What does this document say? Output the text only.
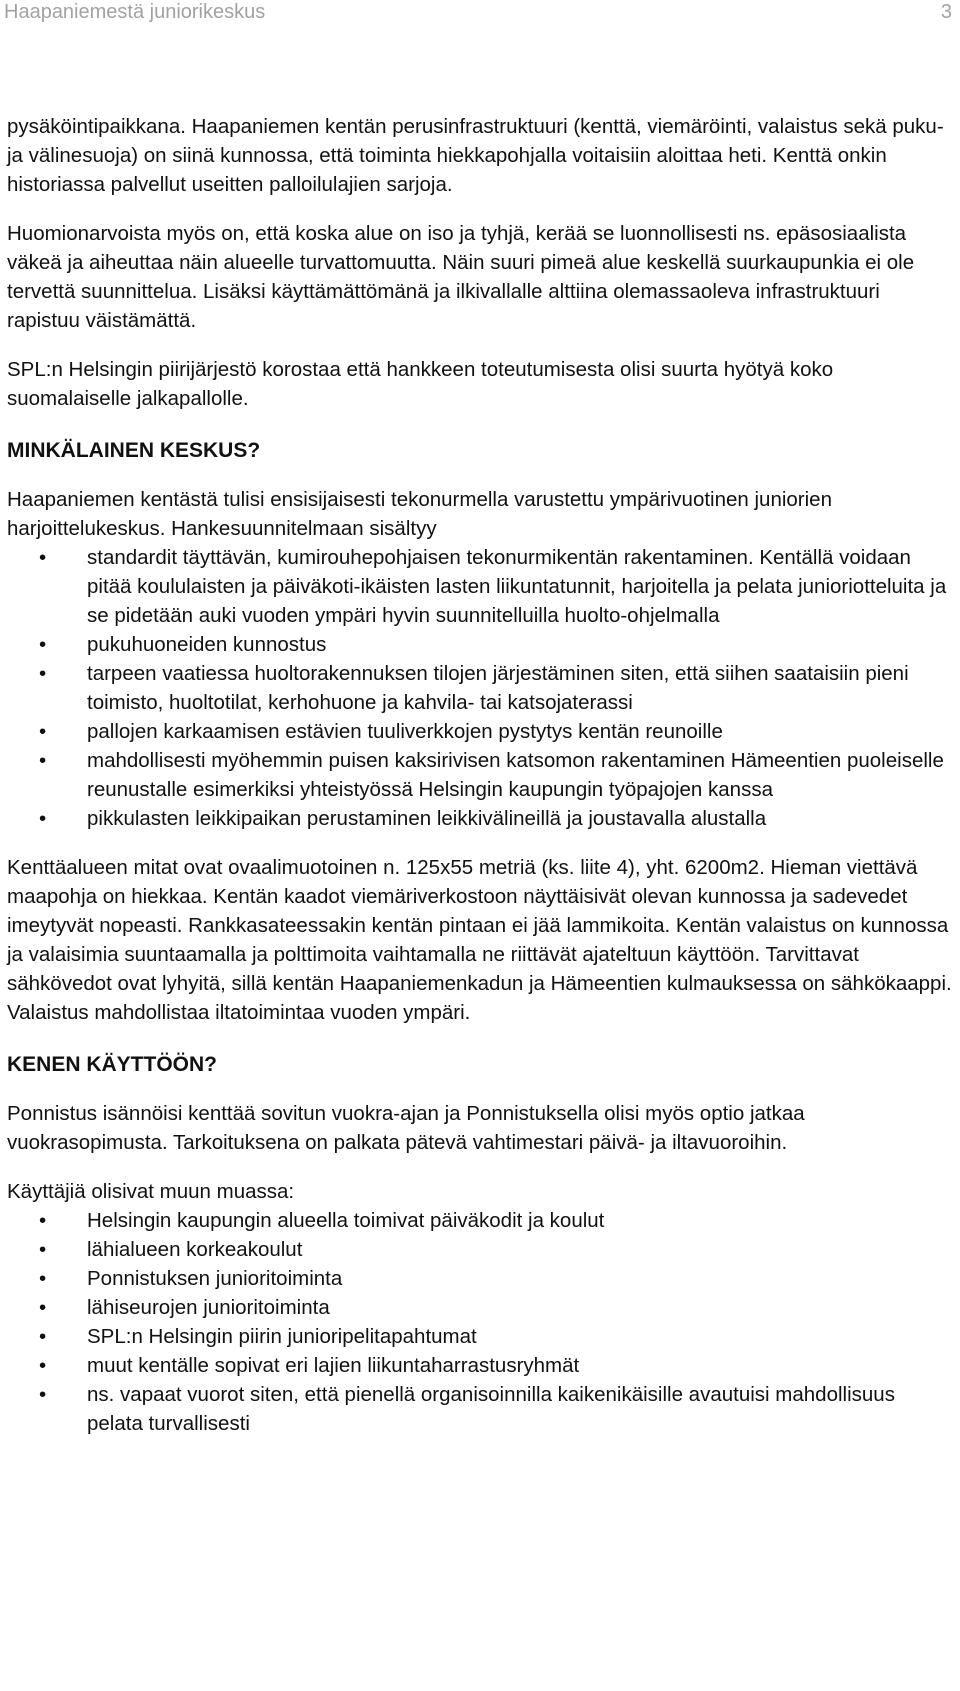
Haapaniemestä juniorikeskus	3

pysäköintipaikkana. Haapaniemen kentän perusinfrastruktuuri (kenttä, viemäröinti, valaistus sekä puku- ja välinesuoja) on siinä kunnossa, että toiminta hiekkapohjalla voitaisiin aloittaa heti. Kenttä onkin historiassa palvellut useitten palloilulajien sarjoja.

Huomionarvoista myös on, että koska alue on iso ja tyhjä, kerää se luonnollisesti ns. epäsosiaalista väkeä ja aiheuttaa näin alueelle turvattomuutta. Näin suuri pimeä alue keskellä suurkaupunkia ei ole tervettä suunnittelua. Lisäksi käyttämättömänä ja ilkivallalle alttiina olemassaoleva infrastruktuuri rapistuu väistämättä.

SPL:n Helsingin piirijärjestö korostaa että hankkeen toteutumisesta olisi suurta hyötyä koko suomalaiselle jalkapallolle.

MINKÄLAINEN KESKUS?

Haapaniemen kentästä tulisi ensisijaisesti tekonurmella varustettu ympärivuotinen juniorien harjoittelukeskus. Hankesuunnitelmaan sisältyy

• standardit täyttävän, kumirouhepohjaisen tekonurmikentän rakentaminen. Kentällä voidaan pitää koululaisten ja päiväkoti-ikäisten lasten liikuntatunnit, harjoitella ja pelata junioriotteluita ja se pidetään auki vuoden ympäri hyvin suunnitelluilla huolto-ohjelmalla
• pukuhuoneiden kunnostus
• tarpeen vaatiessa huoltorakennuksen tilojen järjestäminen siten, että siihen saataisiin pieni toimisto, huoltotilat, kerhohuone ja kahvila- tai katsojaterassi
• pallojen karkaamisen estävien tuuliverkkojen pystytys kentän reunoille
• mahdollisesti myöhemmin puisen kaksirivisen katsomon rakentaminen Hämeentien puoleiselle reunustalle esimerkiksi yhteistyössä Helsingin kaupungin työpajojen kanssa
• pikkulasten leikkipaikan perustaminen leikkivälineillä ja joustavalla alustalla

Kenttäalueen mitat ovat ovaalimuotoinen n. 125x55 metriä (ks. liite 4), yht. 6200m2. Hieman viettävä maapohja on hiekkaa. Kentän kaadot viemäriverkostoon näyttäisivät olevan kunnossa ja sadevedet imeytyvät nopeasti. Rankkasateessakin kentän pintaan ei jää lammikoita. Kentän valaistus on kunnossa ja valaisimia suuntaamalla ja polttimoita vaihtamalla ne riittävät ajateltuun käyttöön. Tarvittavat sähkövedot ovat lyhyitä, sillä kentän Haapaniemenkadun ja Hämeentien kulmauksessa on sähkökaappi. Valaistus mahdollistaa iltatoimintaa vuoden ympäri.

KENEN KÄYTTÖÖN?

Ponnistus isännöisi kenttää sovitun vuokra-ajan ja Ponnistuksella olisi myös optio jatkaa vuokrasopimusta. Tarkoituksena on palkata pätevä vahtimestari päivä- ja iltavuoroihin.

Käyttäjiä olisivat muun muassa:

• Helsingin kaupungin alueella toimivat päiväkodit ja koulut
• lähialueen korkeakoulut
• Ponnistuksen junioritoiminta
• lähiseurojen junioritoiminta
• SPL:n Helsingin piirin junioripelitapahtumat
• muut kentälle sopivat eri lajien liikuntaharrastusryhmät
• ns. vapaat vuorot siten, että pienellä organisoinnilla kaikenikäisille avautuisi mahdollisuus pelata turvallisesti
